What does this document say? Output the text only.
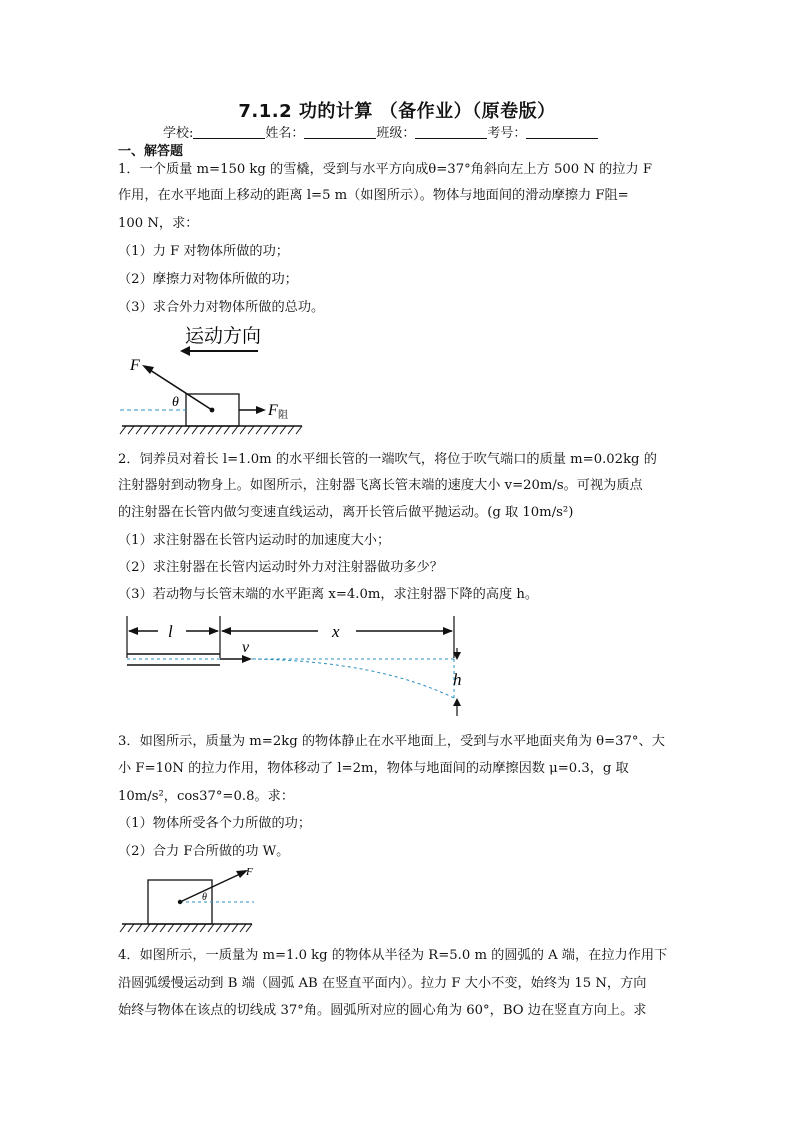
7.1.2 功的计算 （备作业）（原卷版）
学校:	姓名：	班级：	考号：
一、解答题
1．一个质量 m=150 kg 的雪橇，受到与水平方向成θ=37°角斜向左上方 500 N 的拉力 F
作用，在水平地面上移动的距离 l=5 m（如图所示）。物体与地面间的滑动摩擦力 F阻=
100 N，求：
（1）力 F 对物体所做的功；
（2）摩擦力对物体所做的功；
（3）求合外力对物体所做的总功。
运动方向
F
θ	F 阻
2．饲养员对着长 l=1.0m 的水平细长管的一端吹气，将位于吹气端口的质量 m=0.02kg 的
注射器射到动物身上。如图所示，注射器飞离长管末端的速度大小 v=20m/s。可视为质点
的注射器在长管内做匀变速直线运动，离开长管后做平抛运动。(g 取 10m/s²)
（1）求注射器在长管内运动时的加速度大小；
（2）求注射器在长管内运动时外力对注射器做功多少？
（3）若动物与长管末端的水平距离 x=4.0m，求注射器下降的高度 h。
l	x
v
h
3．如图所示，质量为 m=2kg 的物体静止在水平地面上，受到与水平地面夹角为 θ=37°、大
小 F=10N 的拉力作用，物体移动了 l=2m，物体与地面间的动摩擦因数 μ=0.3，g 取
10m/s²，cos37°=0.8。求：
（1）物体所受各个力所做的功；
（2）合力 F合所做的功 W。
F
θ
4．如图所示，一质量为 m=1.0 kg 的物体从半径为 R=5.0 m 的圆弧的 A 端，在拉力作用下
沿圆弧缓慢运动到 B 端（圆弧 AB 在竖直平面内）。拉力 F 大小不变，始终为 15 N，方向
始终与物体在该点的切线成 37°角。圆弧所对应的圆心角为 60°，BO 边在竖直方向上。求
